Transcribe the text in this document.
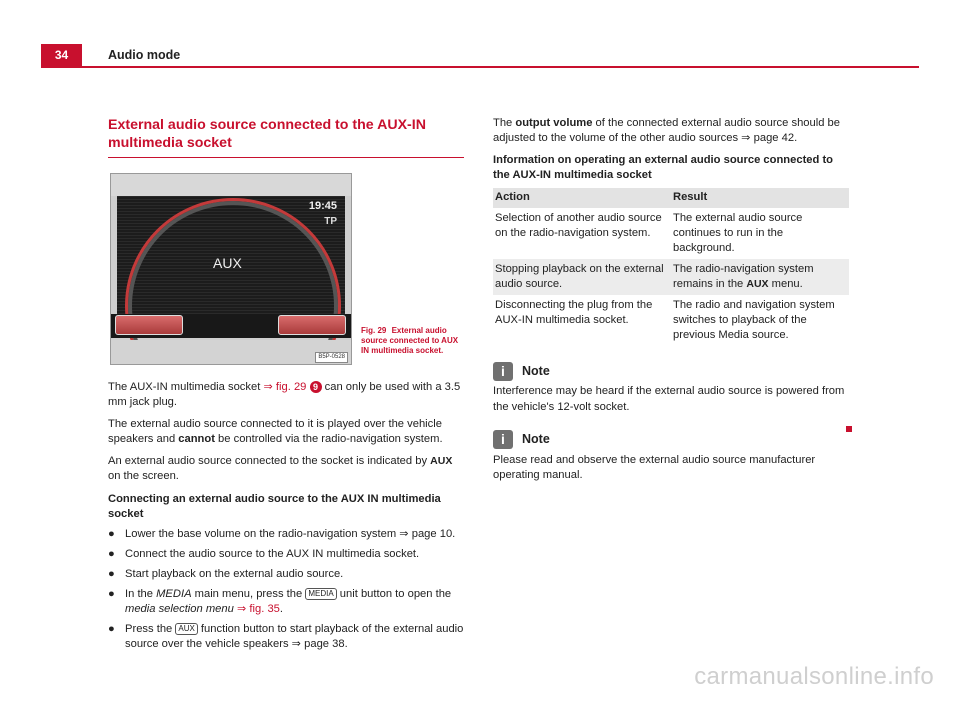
34	Audio mode
External audio source connected to the AUX-IN multimedia socket
19:45
TP
AUX
B5P-0528
Fig. 29 External audio source connected to AUX IN multimedia socket.

The AUX-IN multimedia socket ⇒ fig. 29 9 can only be used with a 3.5 mm jack plug.

The external audio source connected to it is played over the vehicle speakers and cannot be controlled via the radio-navigation system.

An external audio source connected to the socket is indicated by AUX on the screen.

Connecting an external audio source to the AUX IN multimedia socket

● Lower the base volume on the radio-navigation system ⇒ page 10.
● Connect the audio source to the AUX IN multimedia socket.
● Start playback on the external audio source.
● In the MEDIA main menu, press the MEDIA unit button to open the media selection menu ⇒ fig. 35.
● Press the AUX function button to start playback of the external audio source over the vehicle speakers ⇒ page 38.

The output volume of the connected external audio source should be adjusted to the volume of the other audio sources ⇒ page 42.

Information on operating an external audio source connected to the AUX-IN multimedia socket

Action	Result
Selection of another audio source on the radio-navigation system.	The external audio source continues to run in the background.
Stopping playback on the external audio source.	The radio-navigation system remains in the AUX menu.
Disconnecting the plug from the AUX-IN multimedia socket.	The radio and navigation system switches to playback of the previous Media source.
i	Note

Interference may be heard if the external audio source is powered from the vehicle's 12-volt socket.

i	Note

Please read and observe the external audio source manufacturer operating manual.

carmanualsonline.info
